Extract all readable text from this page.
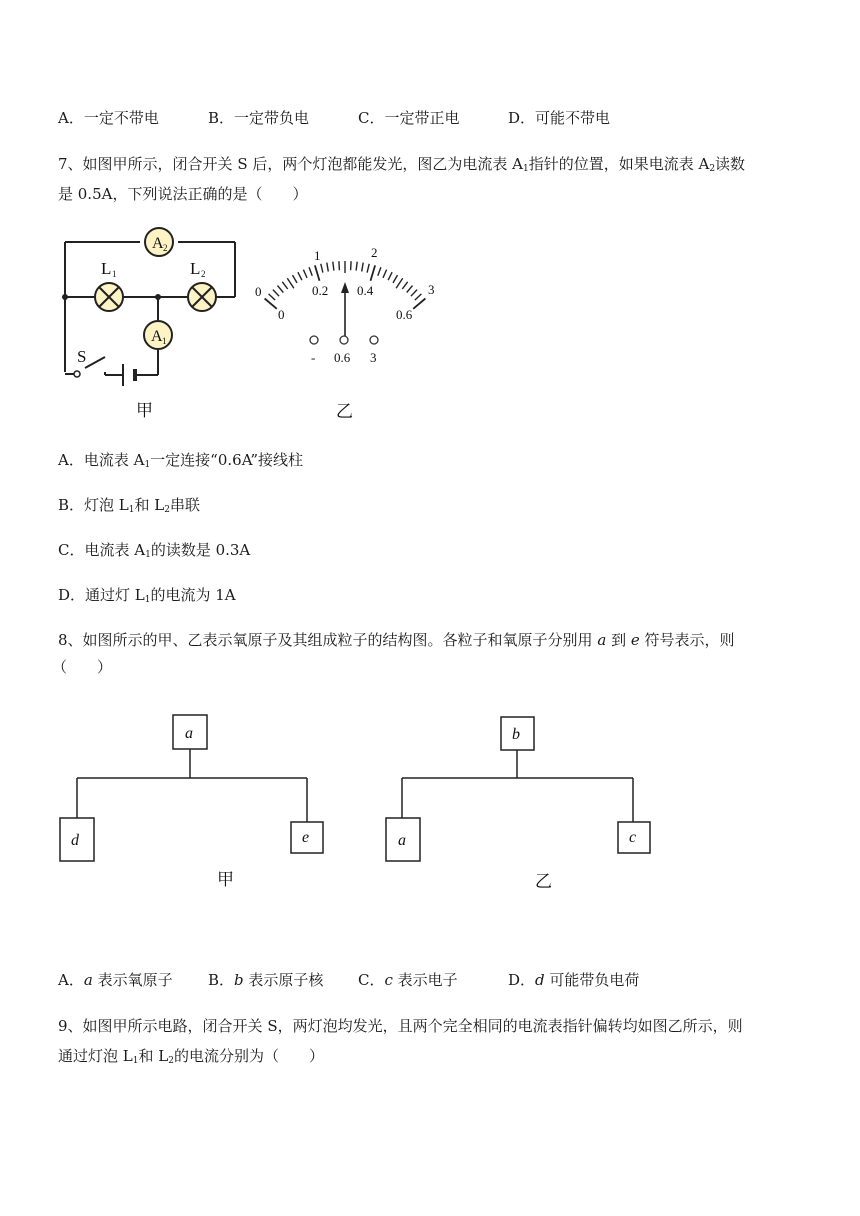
A．一定不带电	B．一定带负电	C．一定带正电	D．可能不带电
7、如图甲所示，闭合开关 S 后，两个灯泡都能发光，图乙为电流表 $A_1$指针的位置，如果电流表 $A_2$读数
是 0.5A，下列说法正确的是（　　）
A 2
L 1	L 2
A 1
S
甲
0
1	2
3
0
0.2 0.4
0.6
- 0.6 3
乙
A．电流表 $A_1$一定连接“0.6A”接线柱
B．灯泡 $L_1$和 $L_2$串联
C．电流表 $A_1$的读数是 0.3A
D．通过灯 $L_1$的电流为 1A
8、如图所示的甲、乙表示氧原子及其组成粒子的结构图。各粒子和氧原子分别用 a 到 e 符号表示，则
（　　）
a
d	e
甲
b
a	c
乙
A．a 表示氧原子 B．b 表示原子核 C．c 表示电子	D．d 可能带负电荷
9、如图甲所示电路，闭合开关 S，两灯泡均发光，且两个完全相同的电流表指针偏转均如图乙所示，则
通过灯泡 $L_1$和 $L_2$的电流分别为（　　）
